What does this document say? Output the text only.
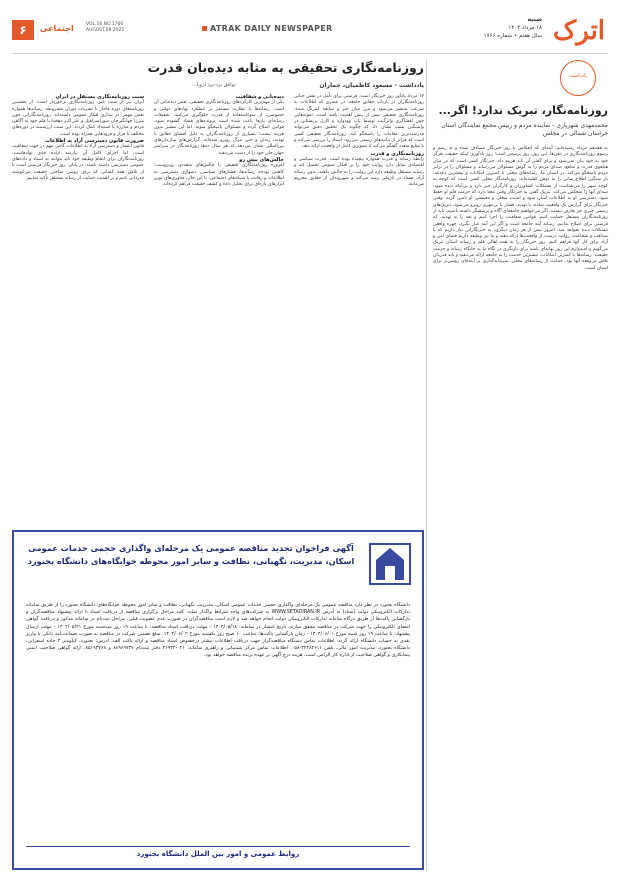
اترک
شنبه
۱۸ مرداد ۱۴۰۴
سال هفتم • شماره ۱۷۶۶
۶	اجتماعی	VOL.16 NO.1766
AUGUST.09.2025	ATRAK DAILY NEWSPAPER
یادداشت
روزنامه‌نگار، تبریک ندارد! اگر...
محمدمهدی شهریاری - نماینده مردم و رییس مجمع نمایندگان استان خراسان شمالی در مجلس
به هفدهم مرداد رسیده‌ایم؛ آینه‌ای که انعکاس با روز خبرنگار مصادف شده و نه رسم و رسوم روزنامه‌نگاری در ذهن‌ها. این روز، روز پرسش است؛ روز یادآوری اینکه حقیقت هرگز خود به خود بیان نمی‌شود و برای گفتن آن باید هزینه داد. خبرنگار کسی است که در میان هیاهوی قدرت و منافع، صدای مردم را به گوش مسئولان می‌رساند و مسئولان را در برابر مردم پاسخگو می‌کند. در استان ما، رسانه‌های محلی با کمترین امکانات و بیشترین دغدغه، بار سنگین اطلاع‌رسانی را به دوش کشیده‌اند. روزنامه‌نگار محلی کسی است که کوچه به کوچه شهر را می‌شناسد، از مشکلات کشاورزان و کارگران خبر دارد و بی‌آنکه دیده شود، صدای آنها را منعکس می‌کند. تبریک گفتن به خبرنگار وقتی معنا دارد که حرمت قلم او حفظ شود، دسترسی او به اطلاعات آسان شود و امنیت شغلی و معیشتی او تامین گردد. وقتی خبرنگار برای گزارش یک واقعیت ساده، با تهدید، فشار یا بی‌مهری روبرو می‌شود، تبریک‌های رسمی چیزی جز تعارف نیست. اگر می‌خواهیم جامعه‌ای آگاه و پرسشگر داشته باشیم، باید از روزنامه‌نگاران مستقل حمایت کنیم، قوانین شفافیت را اجرا کنیم و نقد را نه تهدید، که فرصتی برای اصلاح بدانیم. رسانه آینه جامعه است و اگر این آینه غبار بگیرد، چهره واقعی مشکلات دیده نخواهد شد. امروز بیش از هر زمان دیگری، به خبرنگارانی نیاز داریم که با صداقت و شجاعت، روایت درست از واقعیت‌ها ارائه دهند و ما نیز وظیفه داریم فضای امن و آزاد برای کار آنها فراهم کنیم. روز خبرنگار را به همه اهالی قلم و رسانه استان تبریک می‌گویم و امیدوارم این روز بهانه‌ای باشد برای بازنگری در نگاه ما به جایگاه رسانه و حرمت حقیقت. رسانه‌ها با کمترین امکانات، بیشترین خدمت را به جامعه ارائه می‌دهند و باید قدردان تلاش بی‌وقفه آنها بود. حمایت از رسانه‌های محلی، سرمایه‌گذاری بر آینده‌ای روشن‌تر برای استان است.
روزنامه‌نگاری تحقیقی به مثابه دیده‌بان قدرت
یادداشت - مسعود کاظمیان، جماران
توافق برد-برد اروپا...
۱۷ مرداد یادآور روز خبرنگار است. فرصتی برای تأمل در نقش حیاتی روزنامه‌نگاران در بازتاب حقایق جامعه. در عصری که اطلاعات به سرعت منتشر می‌شود و مرز میان خبر و شایعه کمرنگ شده، روزنامه‌نگاری تحقیقی بیش از پیش اهمیت یافته است. نمونه‌هایی چون افشاگری واترگیت توسط باب وودوارد و کارل برنستاین در واشنگتن پست نشان داد که چگونه یک تحقیق دقیق می‌تواند قدرتمندترین مقامات را پاسخگو کند. روزنامه‌نگار تحقیقی کسی است که فراتر از بیانیه‌های رسمی می‌رود، اسناد را بررسی می‌کند و با منابع متعدد گفتگو می‌کند تا تصویری کامل از واقعیت ارائه دهد.
روزنامه‌نگاری و قدرت
رابطه رسانه و قدرت همواره پیچیده بوده است. قدرت سیاسی و اقتصادی تمایل دارد روایت خود را بر افکار عمومی تحمیل کند و رسانه مستقل وظیفه دارد این روایت را به چالش بکشد. بدون رسانه آزاد، فساد در تاریکی رشد می‌کند و شهروندان از حقایق محروم می‌مانند.
دیده‌بانی و شفافیت
یکی از مهم‌ترین کارکردهای روزنامه‌نگاری تحقیقی، نقش دیده‌بانی آن است. رسانه‌ها با نظارت مستمر بر عملکرد نهادهای دولتی و خصوصی، از سوءاستفاده از قدرت جلوگیری می‌کنند. تحقیقات رسانه‌ای بارها باعث شده است پرونده‌های فساد گشوده شود، قوانین اصلاح گردد و مسئولان پاسخگو شوند. اما این مسیر بدون هزینه نیست؛ بسیاری از روزنامه‌نگاران به دلیل افشای حقایق با تهدید، زندان و حتی مرگ روبرو شده‌اند. گزارش‌های سازمان‌های بین‌المللی نشان می‌دهد که هر سال ده‌ها روزنامه‌نگار در سراسر جهان جان خود را از دست می‌دهند.
چالش‌های پیش رو
امروزه روزنامه‌نگاری تحقیقی با چالش‌های متعددی روبروست: کاهش بودجه رسانه‌ها، فشارهای سیاسی، دشواری دسترسی به اطلاعات و رقابت با شبکه‌های اجتماعی. با این حال، فناوری‌های نوین ابزارهای تازه‌ای برای تحلیل داده و کشف حقیقت فراهم کرده‌اند.
سنت روزنامه‌نگاری مستقل در ایران
ایران نیز از سنت غنی روزنامه‌نگاری برخوردار است. از نخستین روزنامه‌های دوره قاجار تا نشریات دوران مشروطه، رسانه‌ها همواره نقش مهمی در بیداری افکار عمومی داشته‌اند. روزنامه‌نگارانی چون میرزا جهانگیرخان صوراسرافیل و علی‌اکبر دهخدا با قلم خود به آگاهی مردم و مبارزه با استبداد کمک کردند. این سنت ارزشمند در دوره‌های مختلف با فراز و فرودهایی همراه بوده است.
ضرورت قانون دسترسی آزاد به اطلاعات
قانون انتشار و دسترسی آزاد به اطلاعات گامی مهم در جهت شفافیت است، اما اجرای کامل آن نیازمند اراده جدی نهادهاست. روزنامه‌نگاران برای انجام وظیفه خود باید بتوانند به اسناد و داده‌های عمومی دسترسی داشته باشند. در پایان، روز خبرنگار فرصتی است تا از تلاش همه کسانی که برای روشن ساختن حقیقت می‌کوشند قدردانی کنیم و بر اهمیت حمایت از رسانه مستقل تأکید نماییم.
آگهی فراخوان تجدید مناقصه عمومی یک مرحله‌ای واگذاری حجمی خدمات عمومی
اسکان، مدیریت، نگهبانی، نظافت و سایر امور محوطه خوابگاه‌های دانشگاه بجنورد
دانشگاه بجنورد در نظر دارد مناقصه عمومی یک مرحله‌ای واگذاری حجمی خدمات عمومی اسکان، مدیریت، نگهبانی، نظافت و سایر امور محوطه خوابگاه‌های دانشگاه بجنورد را از طریق سامانه تدارکات الکترونیکی دولت (ستاد) به آدرس WWW.SETADIRAN.IR به شرکت‌های واجد شرایط واگذار نماید. کلیه مراحل برگزاری مناقصه از دریافت اسناد تا ارائه پیشنهاد مناقصه‌گران و بازگشایی پاکت‌ها از طریق درگاه سامانه تدارکات الکترونیکی دولت انجام خواهد شد و لازم است مناقصه‌گران در صورت عدم عضویت قبلی، مراحل ثبت‌نام در سامانه مذکور و دریافت گواهی امضای الکترونیکی را جهت شرکت در مناقصه محقق سازند. تاریخ انتشار در سامانه: ۱۴۰۴/۰۵/۱۸ - مهلت دریافت اسناد مناقصه: تا ساعت ۱۹ روز سه‌شنبه مورخ ۱۴۰۴/۰۵/۲۱ - مهلت ارسال پیشنهاد: تا ساعت ۱۹ روز شنبه مورخ ۱۴۰۴/۰۶/۰۱ - زمان بازگشایی پاکت‌ها: ساعت ۱۰ صبح روز یکشنبه مورخ ۱۴۰۴/۰۶/۰۲. مبلغ تضمین شرکت در مناقصه به صورت ضمانت‌نامه بانکی یا واریز نقدی به حساب دانشگاه ارائه گردد. اطلاعات تماس دستگاه مناقصه‌گزار جهت دریافت اطلاعات بیشتر درخصوص اسناد مناقصه و ارائه پاکت الف: آدرس: بجنورد، کیلومتر ۳ جاده اسفراین، دانشگاه بجنورد، مدیریت امور مالی، تلفن ۳۲۲۸۴۶۱۱-۰۵۸. اطلاعات تماس مرکز پشتیبانی و راهبری سامانه: ۰۲۱-۴۱۹۳۴ دفتر ثبت‌نام ۸۸۹۶۹۷۳۷ و ۸۵۱۹۳۷۶۸. ارائه گواهی صلاحیت ایمنی پیمانکاری و گواهی صلاحیت از اداره کار الزامی است. هزینه درج آگهی بر عهده برنده مناقصه خواهد بود.
روابط عمومی و امور بین الملل دانشگاه بجنورد
